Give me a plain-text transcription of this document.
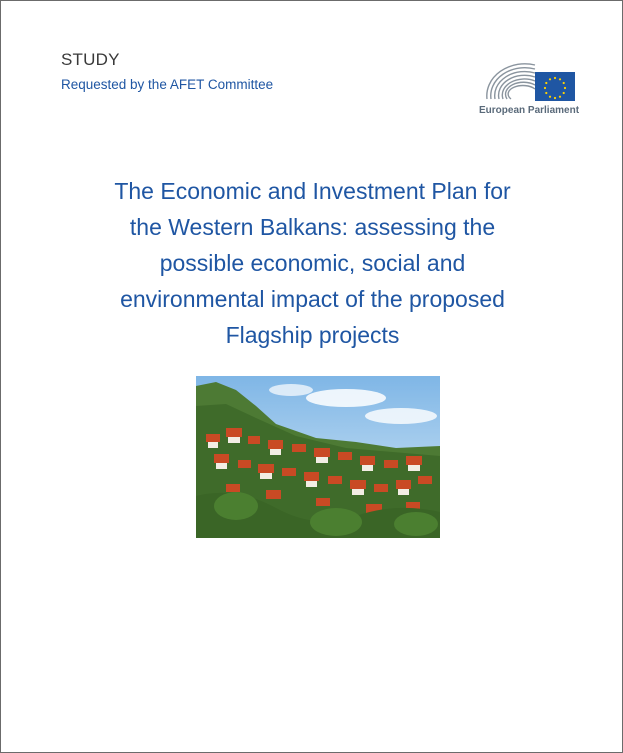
STUDY
Requested by the AFET Committee
European Parliament
The Economic and Investment Plan for
the Western Balkans: assessing the
possible economic, social and
environmental impact of the proposed
Flagship projects
